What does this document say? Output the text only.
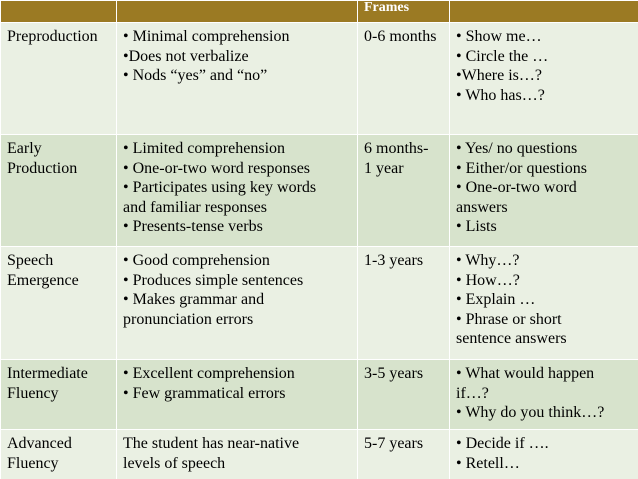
		Frames	

Preproduction	• Minimal comprehension
•Does not verbalize
• Nods “yes” and “no”	0-6 months	• Show me…
• Circle the …
•Where is…?
• Who has…?

Early
Production	• Limited comprehension
• One-or-two word responses
• Participates using key words
and familiar responses
• Presents-tense verbs	6 months-
1 year	• Yes/ no questions
• Either/or questions
• One-or-two word
answers
• Lists

Speech
Emergence	• Good comprehension
• Produces simple sentences
• Makes grammar and
pronunciation errors	1-3 years	• Why…?
• How…?
• Explain …
• Phrase or short
sentence answers

Intermediate
Fluency	• Excellent comprehension
• Few grammatical errors	3-5 years	• What would happen
if…?
• Why do you think…?

Advanced
Fluency	The student has near-native
levels of speech	5-7 years	• Decide if ….
• Retell…
